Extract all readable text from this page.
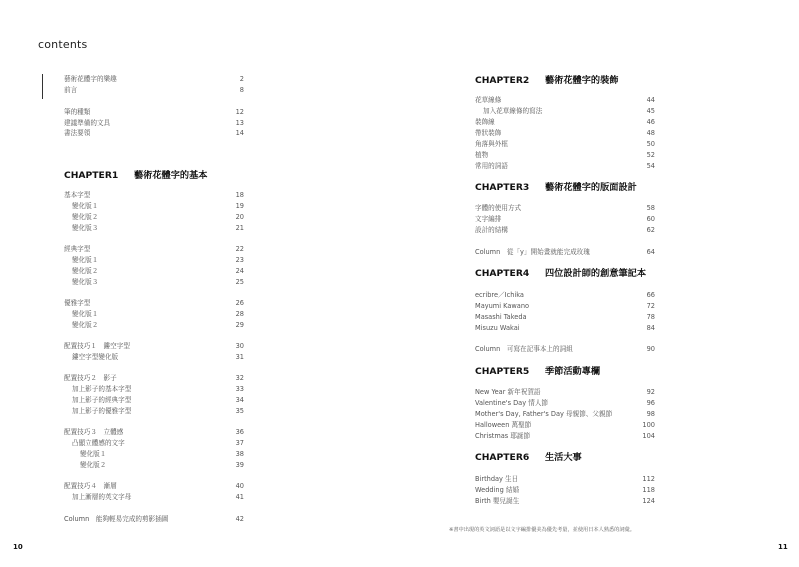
contents
藝術花體字的樂趣	2
前言	8
筆的種類	12
建議準備的文具	13
書法要領	14
CHAPTER1 藝術花體字的基本
基本字型	18
變化版１	19
變化版２	20
變化版３	21
經典字型	22
變化版１	23
變化版２	24
變化版３	25
優雅字型	26
變化版１	28
變化版２	29
配置技巧１　鏤空字型	30
鏤空字型變化版	31
配置技巧２　影子	32
加上影子的基本字型	33
加上影子的經典字型	34
加上影子的優雅字型	35
配置技巧３　立體感	36
凸顯立體感的文字	37
變化版１	38
變化版２	39
配置技巧４　漸層	40
加上漸層的英文字母	41
Column　能夠輕易完成的剪影插圖	42
CHAPTER2 藝術花體字的裝飾
花草線條	44
加入花草線條的寫法	45
裝飾線	46
帶狀裝飾	48
角落與外框	50
植物	52
常用的詞語	54
CHAPTER3 藝術花體字的版面設計
字體的使用方式	58
文字編排	60
設計的結構	62
Column　從「y」開始畫就能完成玫瑰	64
CHAPTER4 四位設計師的創意筆記本
ecribre／Ichika	66
Mayumi Kawano	72
Masashi Takeda	78
Misuzu Wakai	84
Column　可寫在記事本上的詞組	90
CHAPTER5 季節活動專欄
New Year 新年祝賀語	92
Valentine's Day 情人節	96
Mother's Day, Father's Day 母親節、父親節	98
Halloween 萬聖節	100
Christmas 耶誕節	104
CHAPTER6 生活大事
Birthday 生日	112
Wedding 結婚	118
Birth 嬰兒誕生	124
※書中出現的英文詞語是以文字編排優美為優先考量，並使用日本人熟悉的詞彙。
10	11
